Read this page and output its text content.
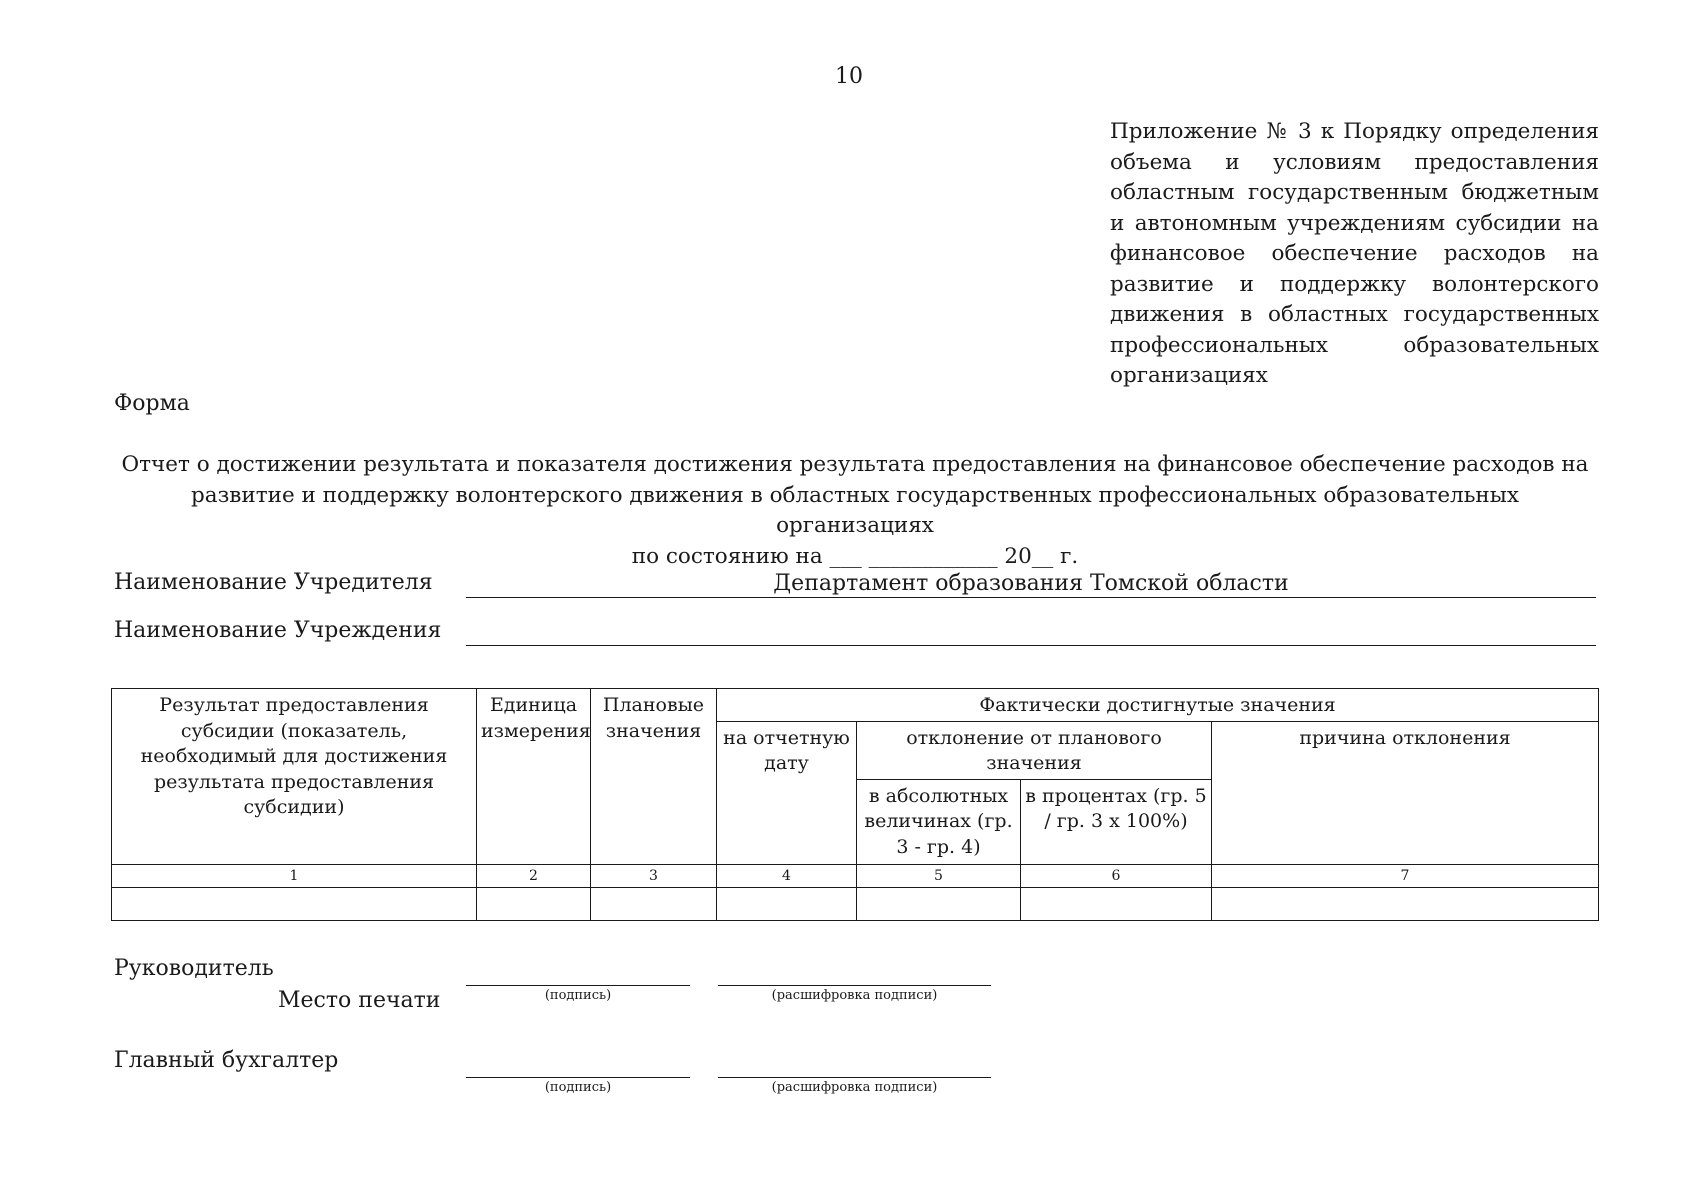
10
Приложение № 3 к Порядку определения объема и условиям предоставления областным государственным бюджетным и автономным учреждениям субсидии на финансовое обеспечение расходов на развитие и поддержку волонтерского движения в областных государственных профессиональных образовательных организациях
Форма
Отчет о достижении результата и показателя достижения результата предоставления на финансовое обеспечение расходов на
развитие и поддержку волонтерского движения в областных государственных профессиональных образовательных организациях
по состоянию на ___ ____________ 20__ г.
Наименование Учредителя	Департамент образования Томской области
Наименование Учреждения
Результат предоставления субсидии (показатель, необходимый для достижения результата предоставления субсидии)	Единица измерения	Плановые значения	Фактически достигнутые значения			
			на отчетную дату	отклонение от планового значения		причина отклонения
				в абсолютных величинах (гр. 3 - гр. 4)	в процентах (гр. 5 / гр. 3 x 100%)	
1	2	3	4	5	6	7

Руководитель
Место печати	(подпись)	(расшифровка подписи)
Главный бухгалтер
(подпись)	(расшифровка подписи)
